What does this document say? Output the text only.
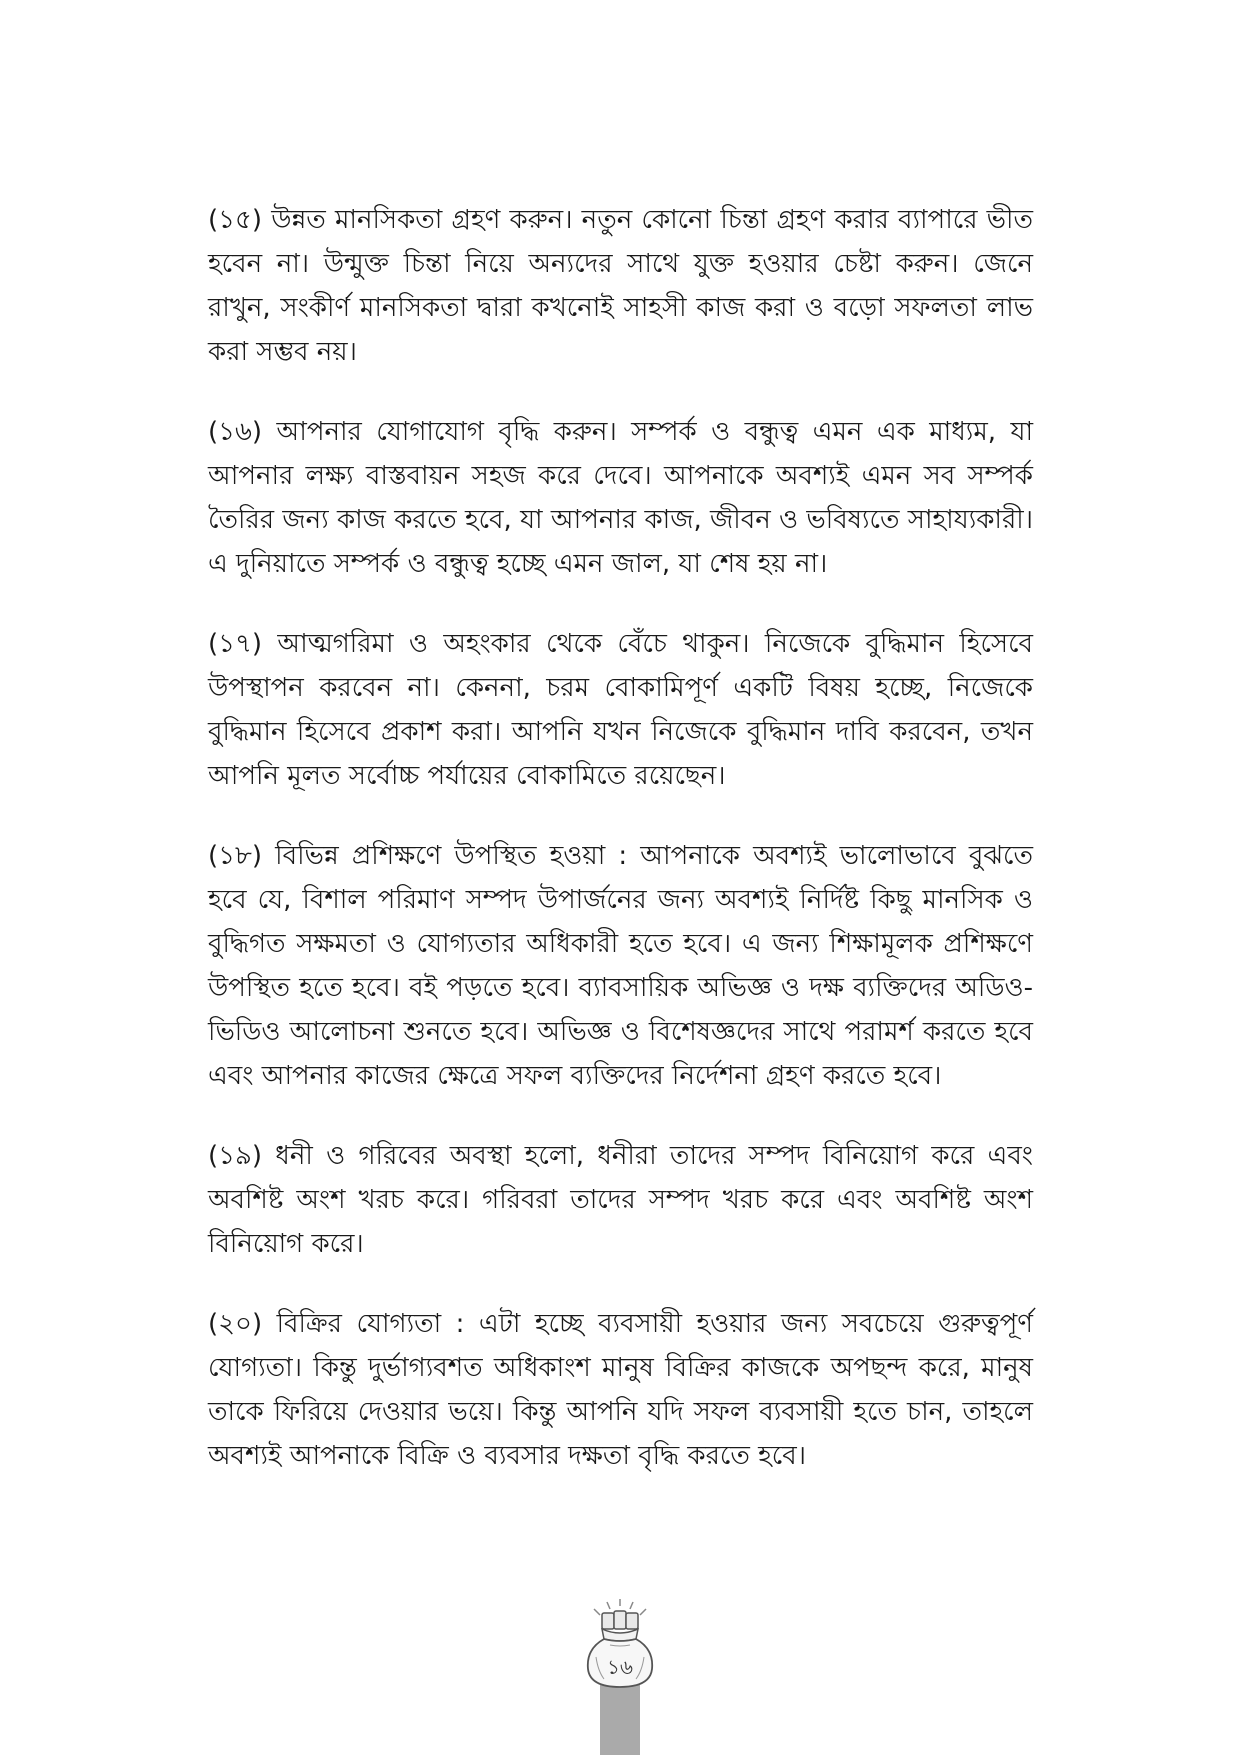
(১৫) উন্নত মানসিকতা গ্রহণ করুন। নতুন কোনো চিন্তা গ্রহণ করার ব্যাপারে ভীত হবেন না। উন্মুক্ত চিন্তা নিয়ে অন্যদের সাথে যুক্ত হওয়ার চেষ্টা করুন। জেনে রাখুন, সংকীর্ণ মানসিকতা দ্বারা কখনোই সাহসী কাজ করা ও বড়ো সফলতা লাভ করা সম্ভব নয়।

(১৬) আপনার যোগাযোগ বৃদ্ধি করুন। সম্পর্ক ও বন্ধুত্ব এমন এক মাধ্যম, যা আপনার লক্ষ্য বাস্তবায়ন সহজ করে দেবে। আপনাকে অবশ্যই এমন সব সম্পর্ক তৈরির জন্য কাজ করতে হবে, যা আপনার কাজ, জীবন ও ভবিষ্যতে সাহায্যকারী। এ দুনিয়াতে সম্পর্ক ও বন্ধুত্ব হচ্ছে এমন জাল, যা শেষ হয় না।

(১৭) আত্মগরিমা ও অহংকার থেকে বেঁচে থাকুন। নিজেকে বুদ্ধিমান হিসেবে উপস্থাপন করবেন না। কেননা, চরম বোকামিপূর্ণ একটি বিষয় হচ্ছে, নিজেকে বুদ্ধিমান হিসেবে প্রকাশ করা। আপনি যখন নিজেকে বুদ্ধিমান দাবি করবেন, তখন আপনি মূলত সর্বোচ্চ পর্যায়ের বোকামিতে রয়েছেন।

(১৮) বিভিন্ন প্রশিক্ষণে উপস্থিত হওয়া : আপনাকে অবশ্যই ভালোভাবে বুঝতে হবে যে, বিশাল পরিমাণ সম্পদ উপার্জনের জন্য অবশ্যই নির্দিষ্ট কিছু মানসিক ও বুদ্ধিগত সক্ষমতা ও যোগ্যতার অধিকারী হতে হবে। এ জন্য শিক্ষামূলক প্রশিক্ষণে উপস্থিত হতে হবে। বই পড়তে হবে। ব্যাবসায়িক অভিজ্ঞ ও দক্ষ ব্যক্তিদের অডিও-ভিডিও আলোচনা শুনতে হবে। অভিজ্ঞ ও বিশেষজ্ঞদের সাথে পরামর্শ করতে হবে এবং আপনার কাজের ক্ষেত্রে সফল ব্যক্তিদের নির্দেশনা গ্রহণ করতে হবে।

(১৯) ধনী ও গরিবের অবস্থা হলো, ধনীরা তাদের সম্পদ বিনিয়োগ করে এবং অবশিষ্ট অংশ খরচ করে। গরিবরা তাদের সম্পদ খরচ করে এবং অবশিষ্ট অংশ বিনিয়োগ করে।

(২০) বিক্রির যোগ্যতা : এটা হচ্ছে ব্যবসায়ী হওয়ার জন্য সবচেয়ে গুরুত্বপূর্ণ যোগ্যতা। কিন্তু দুর্ভাগ্যবশত অধিকাংশ মানুষ বিক্রির কাজকে অপছন্দ করে, মানুষ তাকে ফিরিয়ে দেওয়ার ভয়ে। কিন্তু আপনি যদি সফল ব্যবসায়ী হতে চান, তাহলে অবশ্যই আপনাকে বিক্রি ও ব্যবসার দক্ষতা বৃদ্ধি করতে হবে।

১৬
